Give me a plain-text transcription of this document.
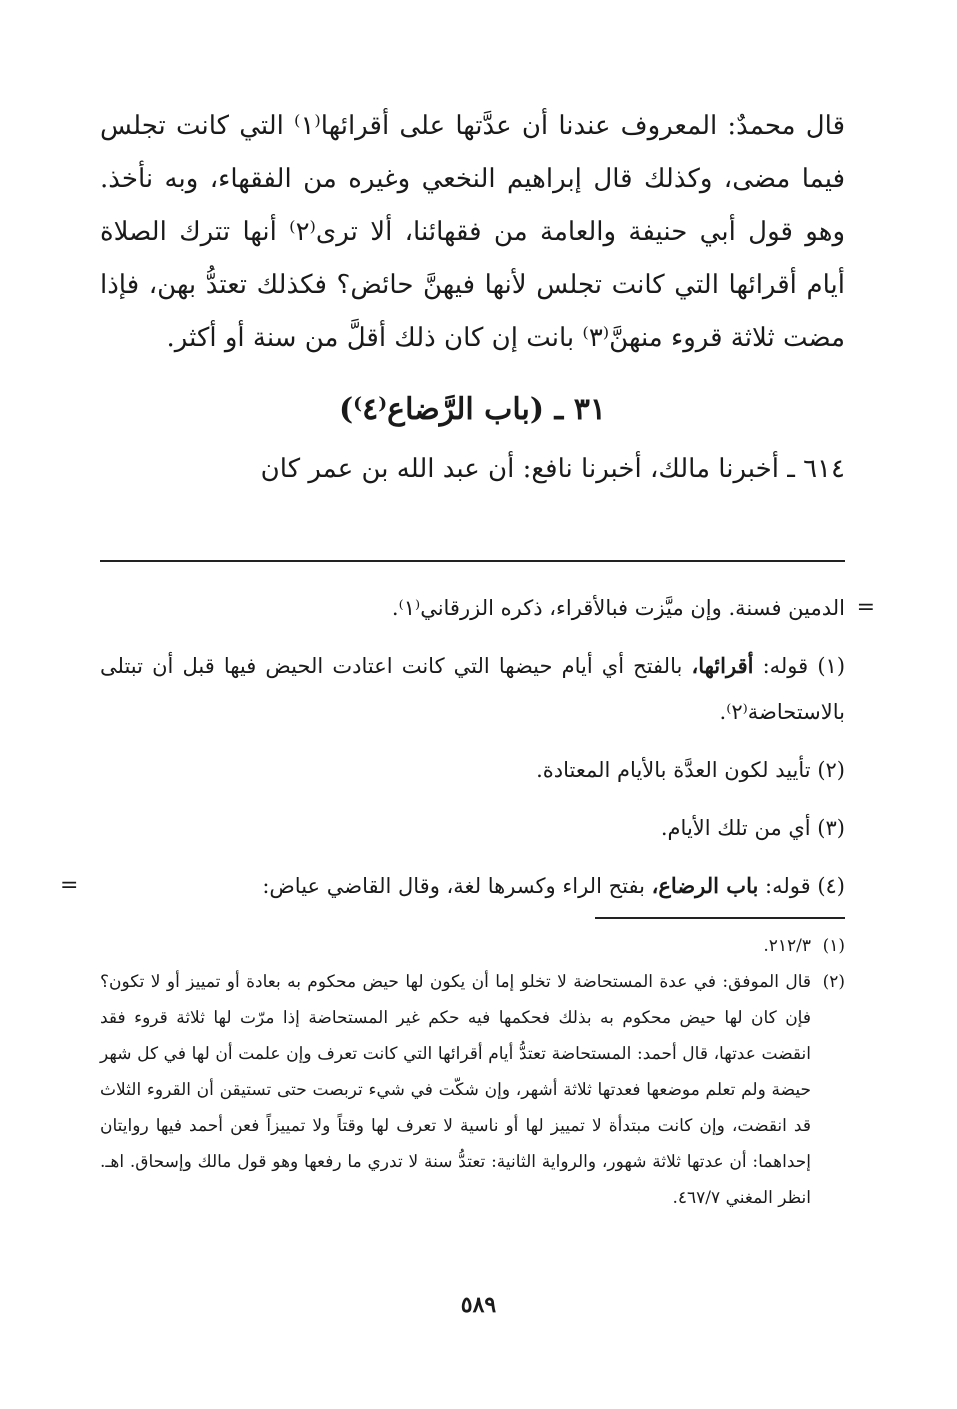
قال محمدٌ: المعروف عندنا أن عدَّتها على أقرائها⁽١⁾ التي كانت تجلس فيما مضى، وكذلك قال إبراهيم النخعي وغيره من الفقهاء، وبه نأخذ. وهو قول أبي حنيفة والعامة من فقهائنا، ألا ترى⁽٢⁾ أنها تترك الصلاة أيام أقرائها التي كانت تجلس لأنها فيهنَّ حائض؟ فكذلك تعتدُّ بهن، فإذا مضت ثلاثة قروء منهنَّ⁽٣⁾ بانت إن كان ذلك أقلَّ من سنة أو أكثر.

٣١ ـ (باب الرَّضاع⁽٤⁾)

٦١٤ ـ أخبرنا مالك، أخبرنا نافع: أن عبد الله بن عمر كان

=
الدمين فسنة. وإن ميَّزت فبالأقراء، ذكره الزرقاني⁽١⁾.
(١) قوله: أقرائها، بالفتح أي أيام حيضها التي كانت اعتادت الحيض فيها قبل أن تبتلى بالاستحاضة⁽٢⁾.
(٢) تأييد لكون العدَّة بالأيام المعتادة.
(٣) أي من تلك الأيام.
(٤) قوله: باب الرضاع، بفتح الراء وكسرها لغة، وقال القاضي عياض:
=
(١)
٢١٢/٣.
(٢)
قال الموفق: في عدة المستحاضة لا تخلو إما أن يكون لها حيض محكوم به بعادة أو تمييز أو لا تكون؟ فإن كان لها حيض محكوم به بذلك فحكمها فيه حكم غير المستحاضة إذا مرّت لها ثلاثة قروء فقد انقضت عدتها، قال أحمد: المستحاضة تعتدُّ أيام أقرائها التي كانت تعرف وإن علمت أن لها في كل شهر حيضة ولم تعلم موضعها فعدتها ثلاثة أشهر، وإن شكّت في شيء تربصت حتى تستيقن أن القروء الثلاث قد انقضت، وإن كانت مبتدأة لا تمييز لها أو ناسية لا تعرف لها وقتاً ولا تمييزاً فعن أحمد فيها روايتان إحداهما: أن عدتها ثلاثة شهور، والرواية الثانية: تعتدُّ سنة لا تدري ما رفعها وهو قول مالك وإسحاق. اهـ. انظر المغني ٤٦٧/٧.
٥٨٩
